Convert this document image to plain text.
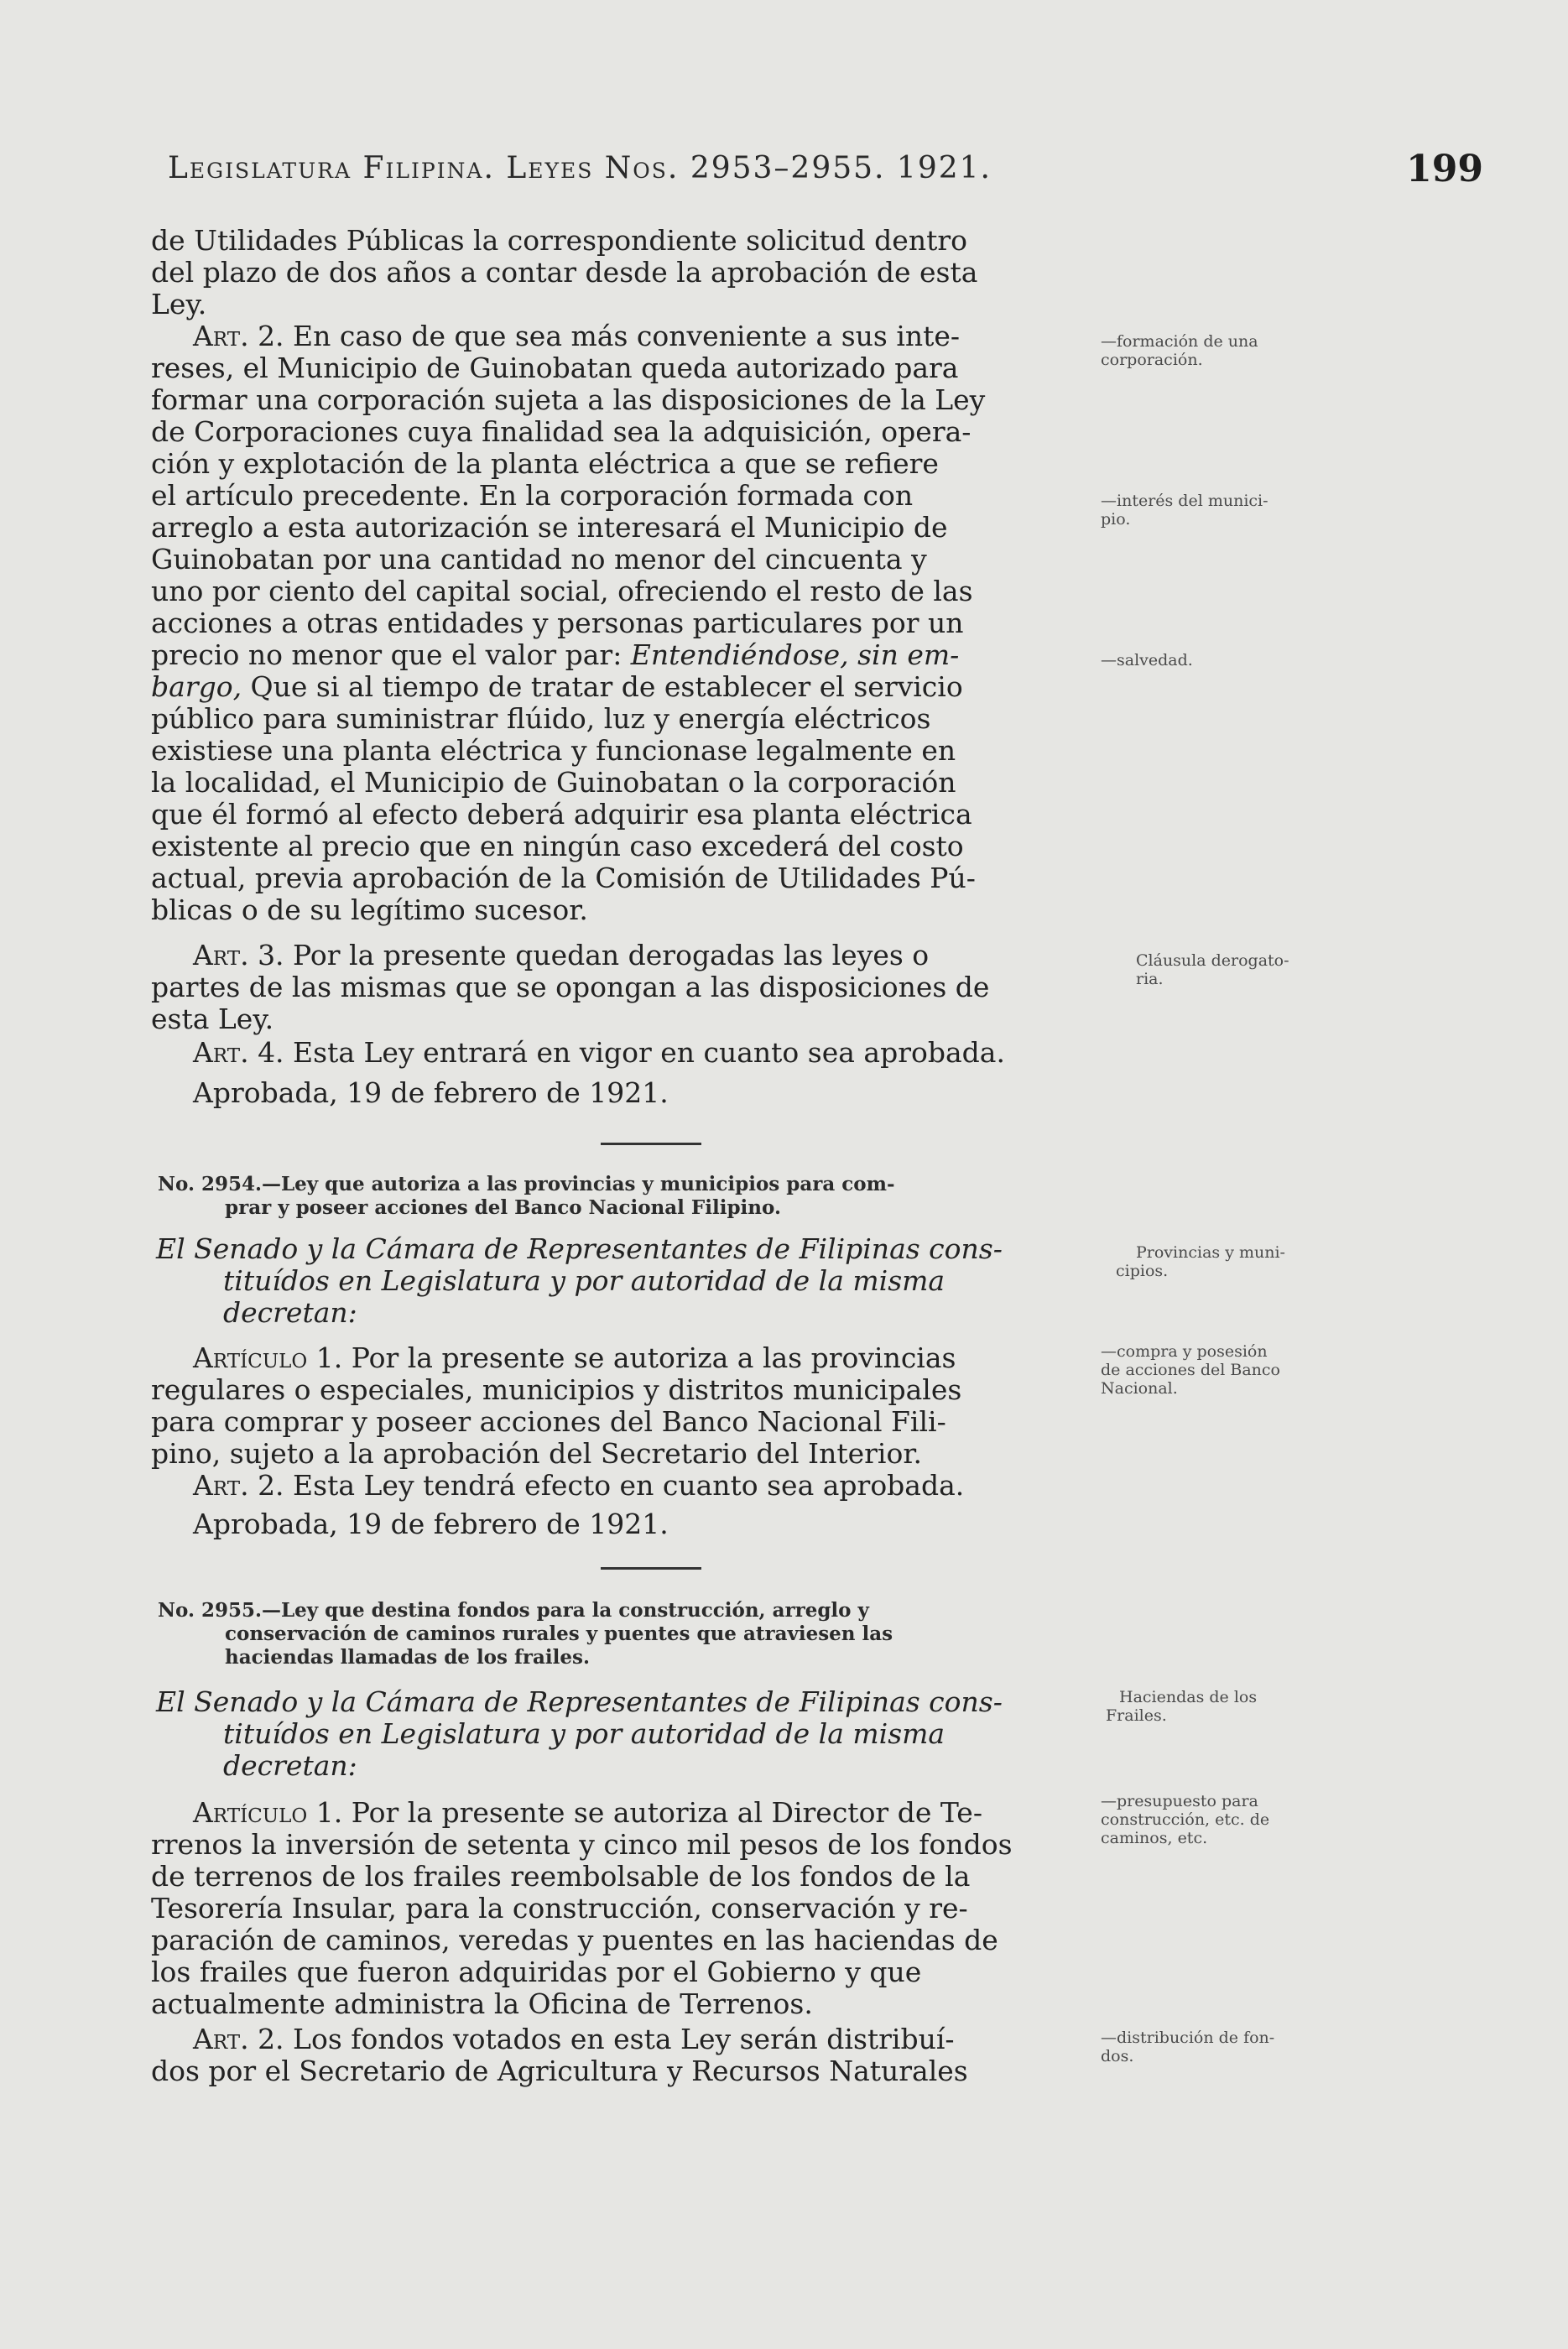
Legislatura Filipina. Leyes Nos. 2953–2955. 1921.	199
de Utilidades Públicas la correspondiente solicitud dentro
del plazo de dos años a contar desde la aprobación de esta
Ley.
Art. 2. En caso de que sea más conveniente a sus inte-
reses, el Municipio de Guinobatan queda autorizado para
formar una corporación sujeta a las disposiciones de la Ley
de Corporaciones cuya finalidad sea la adquisición, opera-
ción y explotación de la planta eléctrica a que se refiere
el artículo precedente. En la corporación formada con
arreglo a esta autorización se interesará el Municipio de
Guinobatan por una cantidad no menor del cincuenta y
uno por ciento del capital social, ofreciendo el resto de las
acciones a otras entidades y personas particulares por un
precio no menor que el valor par: Entendiéndose, sin em-
bargo, Que si al tiempo de tratar de establecer el servicio
público para suministrar flúido, luz y energía eléctricos
existiese una planta eléctrica y funcionase legalmente en
la localidad, el Municipio de Guinobatan o la corporación
que él formó al efecto deberá adquirir esa planta eléctrica
existente al precio que en ningún caso excederá del costo
actual, previa aprobación de la Comisión de Utilidades Pú-
blicas o de su legítimo sucesor.
Art. 3. Por la presente quedan derogadas las leyes o
partes de las mismas que se opongan a las disposiciones de
esta Ley.
Art. 4. Esta Ley entrará en vigor en cuanto sea aprobada.
Aprobada, 19 de febrero de 1921.
No. 2954.—Ley que autoriza a las provincias y municipios para com-
prar y poseer acciones del Banco Nacional Filipino.
El Senado y la Cámara de Representantes de Filipinas cons-
tituídos en Legislatura y por autoridad de la misma
decretan:
Artículo 1. Por la presente se autoriza a las provincias
regulares o especiales, municipios y distritos municipales
para comprar y poseer acciones del Banco Nacional Fili-
pino, sujeto a la aprobación del Secretario del Interior.
Art. 2. Esta Ley tendrá efecto en cuanto sea aprobada.
Aprobada, 19 de febrero de 1921.
No. 2955.—Ley que destina fondos para la construcción, arreglo y
conservación de caminos rurales y puentes que atraviesen las
haciendas llamadas de los frailes.
El Senado y la Cámara de Representantes de Filipinas cons-
tituídos en Legislatura y por autoridad de la misma
decretan:
Artículo 1. Por la presente se autoriza al Director de Te-
rrenos la inversión de setenta y cinco mil pesos de los fondos
de terrenos de los frailes reembolsable de los fondos de la
Tesorería Insular, para la construcción, conservación y re-
paración de caminos, veredas y puentes en las haciendas de
los frailes que fueron adquiridas por el Gobierno y que
actualmente administra la Oficina de Terrenos.
Art. 2. Los fondos votados en esta Ley serán distribuí-
dos por el Secretario de Agricultura y Recursos Naturales
—formación de una
corporación.
—interés del munici-
pio.
—salvedad.
Cláusula derogato-
ria.
Provincias y muni-
cipios.
—compra y posesión
de acciones del Banco
Nacional.
Haciendas de los
Frailes.
—presupuesto para
construcción, etc. de
caminos, etc.
—distribución de fon-
dos.
